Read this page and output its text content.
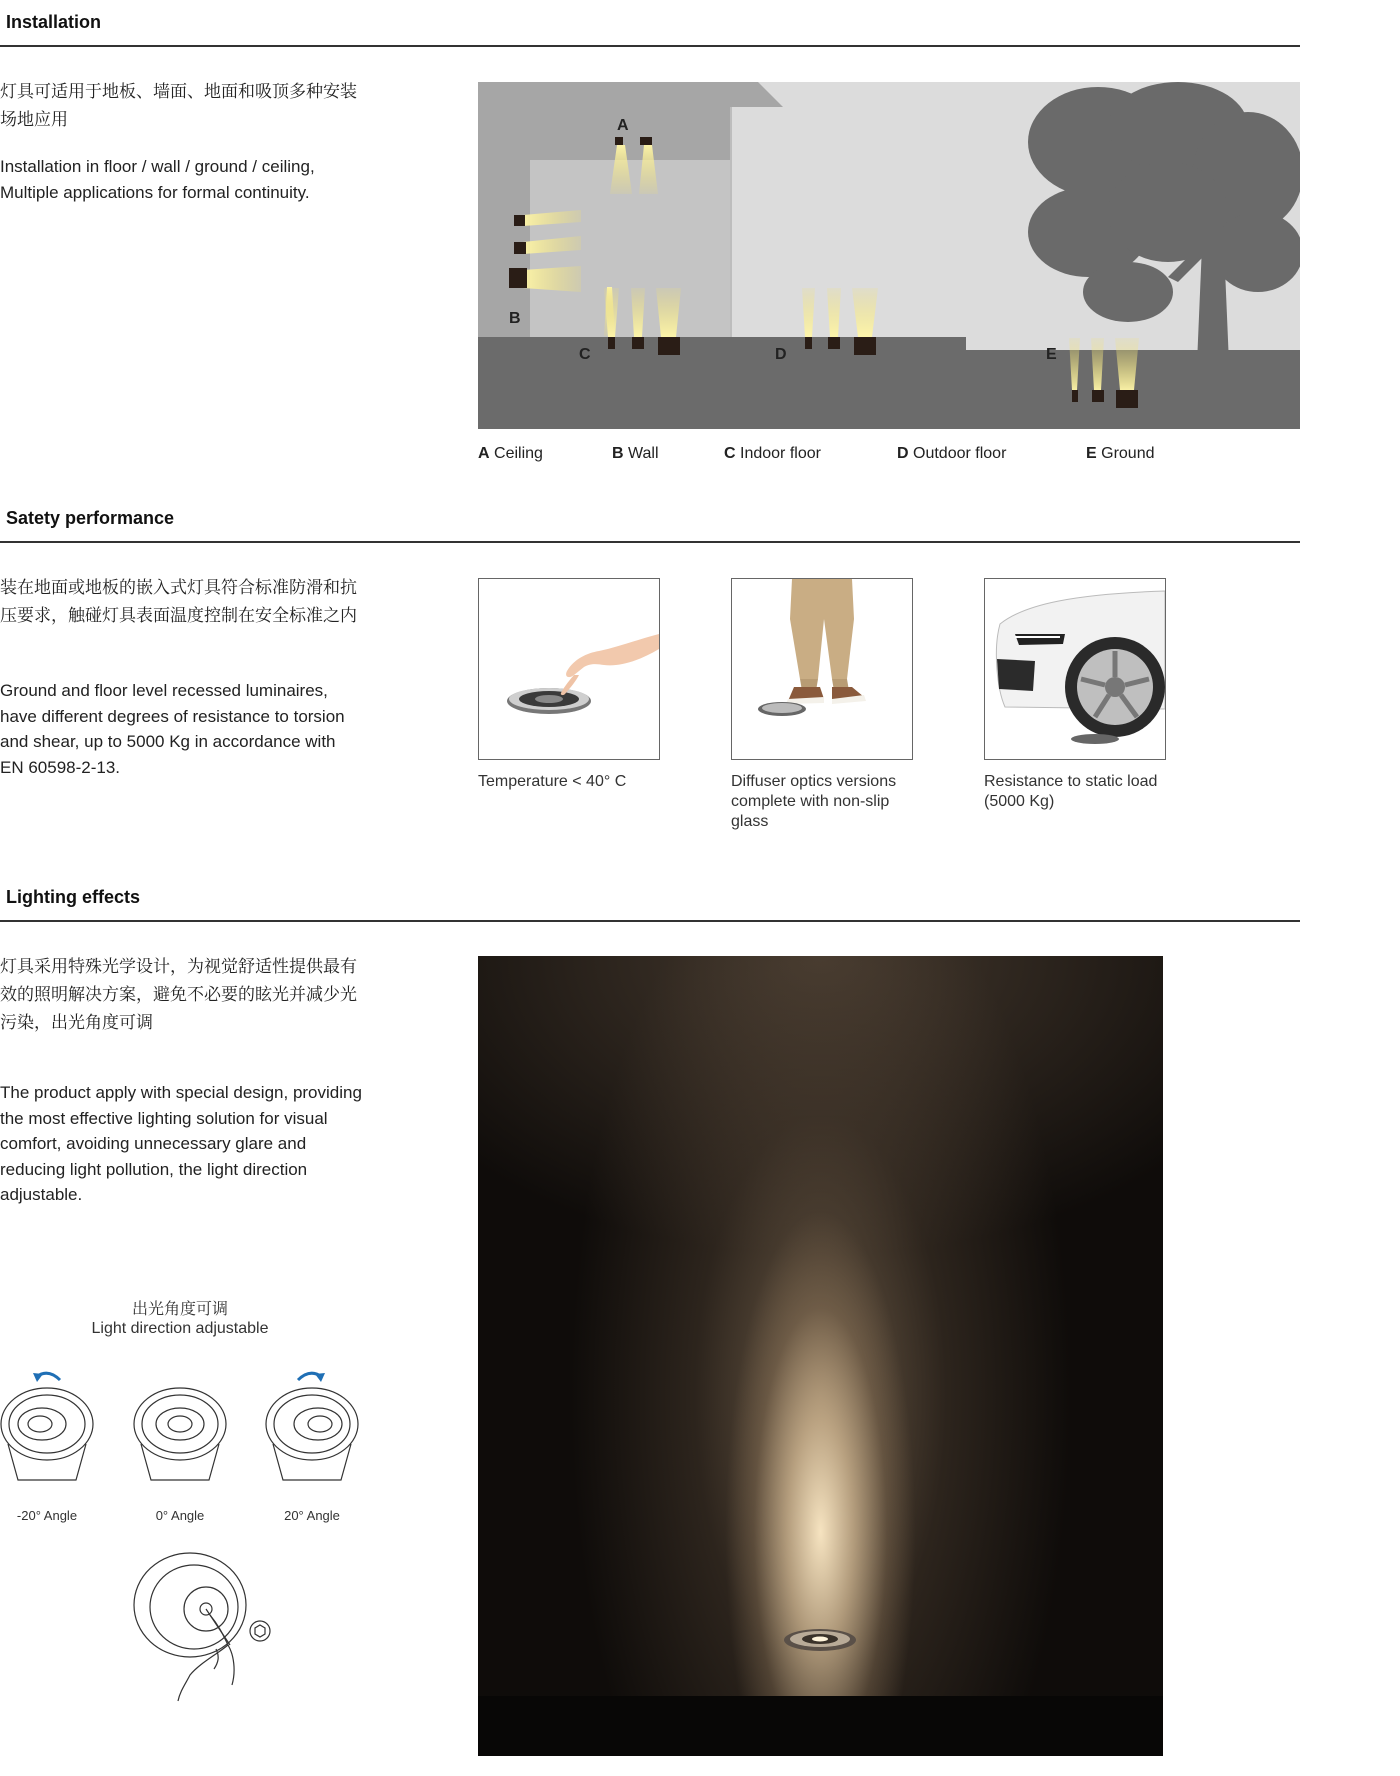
Installation
灯具可适用于地板、墙面、地面和吸顶多种安装场地应用
Installation in floor / wall / ground / ceiling,
Multiple applications for formal continuity.
A
B
C	D	E
A Ceiling	B Wall	C Indoor floor	D Outdoor floor	E Ground
Satety performance
装在地面或地板的嵌入式灯具符合标准防滑和抗压要求，触碰灯具表面温度控制在安全标准之内
Ground and floor level recessed luminaires, have different degrees of resistance to torsion and shear, up to 5000 Kg in accordance with EN 60598-2-13.
Temperature < 40° C	Diffuser optics versions complete with non-slip glass
Resistance to static load (5000 Kg)
Lighting effects
灯具采用特殊光学设计，为视觉舒适性提供最有效的照明解决方案，避免不必要的眩光并减少光污染，出光角度可调
The product apply with special design, providing the most effective lighting solution for visual comfort, avoiding unnecessary glare and reducing light pollution, the light direction adjustable.
出光角度可调
Light direction adjustable
-20° Angle	0° Angle	20° Angle
